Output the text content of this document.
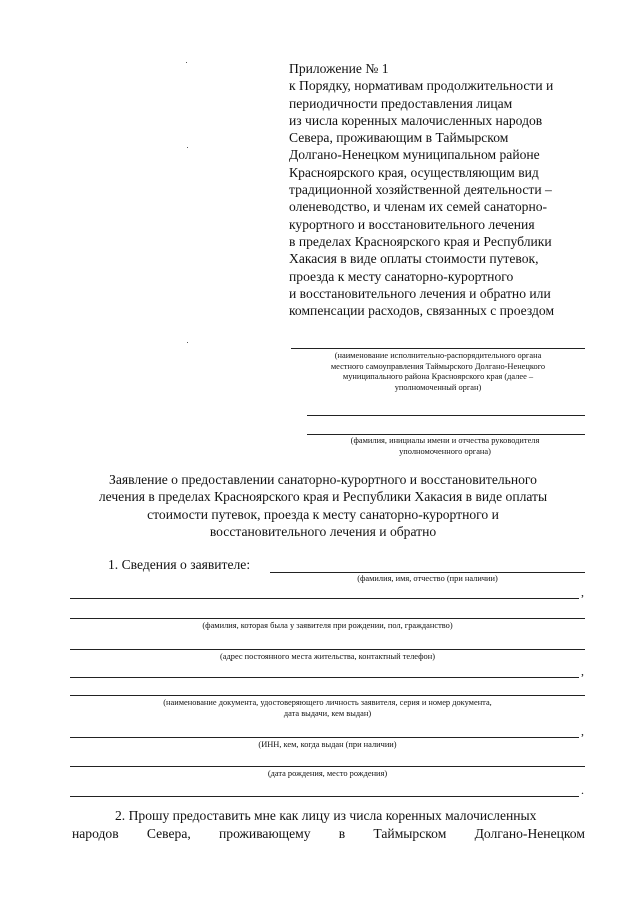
Приложение № 1
к Порядку, нормативам продолжительности и
периодичности предоставления лицам
из числа коренных малочисленных народов
Севера, проживающим в Таймырском
Долгано-Ненецком муниципальном районе
Красноярского края, осуществляющим вид
традиционной хозяйственной деятельности –
оленеводство, и членам их семей санаторно-
курортного и восстановительного лечения
в пределах Красноярского края и Республики
Хакасия в виде оплаты стоимости путевок,
проезда к месту санаторно-курортного
и восстановительного лечения и обратно или
компенсации расходов, связанных с проездом
(наименование исполнительно-распорядительного органа
местного самоуправления Таймырского Долгано-Ненецкого
муниципального района Красноярского края (далее –
уполномоченный орган)
(фамилия, инициалы имени и отчества руководителя
уполномоченного органа)
Заявление о предоставлении санаторно-курортного и восстановительного
лечения в пределах Красноярского края и Республики Хакасия в виде оплаты
стоимости путевок, проезда к месту санаторно-курортного и
восстановительного лечения и обратно
1. Сведения о заявителе:
(фамилия, имя, отчество (при наличии)
,
(фамилия, которая была у заявителя при рождении, пол, гражданство)
(адрес постоянного места жительства, контактный телефон)
,
(наименование документа, удостоверяющего личность заявителя, серия и номер документа,
дата выдачи, кем выдан)
,
(ИНН, кем, когда выдан (при наличии)
(дата рождения, место рождения)
.
2. Прошу предоставить мне как лицу из числа коренных малочисленных
народов Севера, проживающему в Таймырском Долгано-Ненецком
